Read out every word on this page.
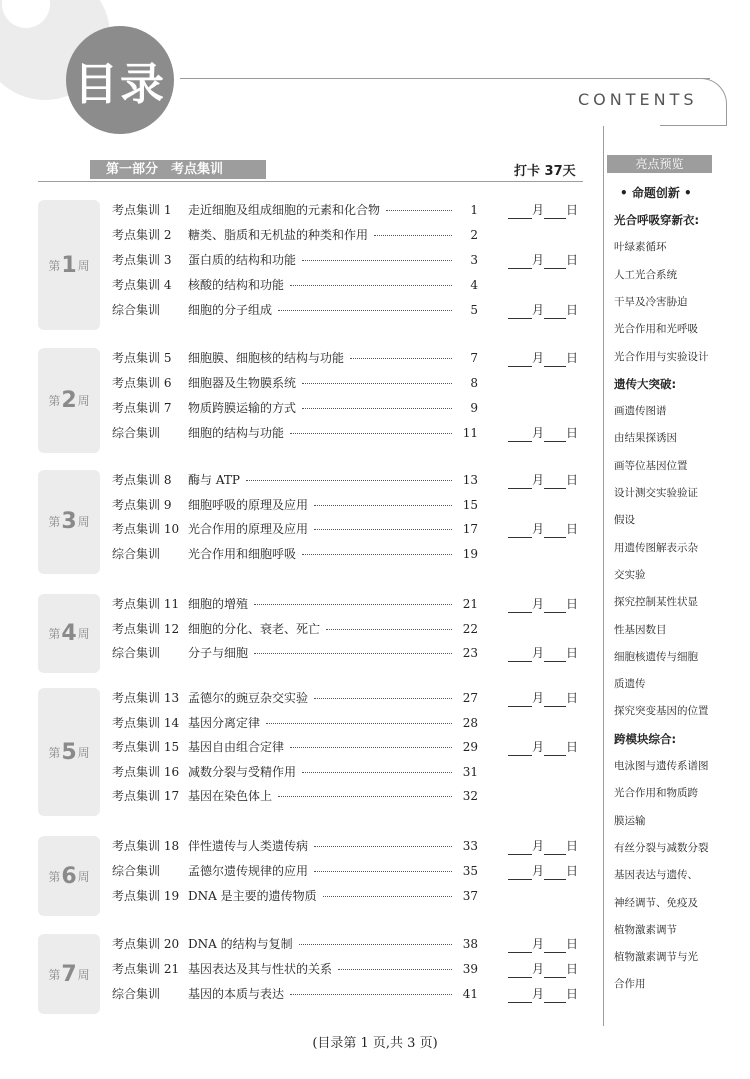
目录	CONTENTS
第一部分　考点集训	打卡 37天
第 1 周
考点集训 1 走近细胞及组成细胞的元素和化合物	1	月 日
考点集训 2 糖类、脂质和无机盐的种类和作用	2
考点集训 3 蛋白质的结构和功能	3	月 日
考点集训 4 核酸的结构和功能	4
综合集训 细胞的分子组成	5	月 日
第 2 周
考点集训 5 细胞膜、细胞核的结构与功能	7	月 日
考点集训 6 细胞器及生物膜系统	8
考点集训 7 物质跨膜运输的方式	9
综合集训 细胞的结构与功能	11	月 日
第 3 周
考点集训 8 酶与 ATP	13	月 日
考点集训 9 细胞呼吸的原理及应用	15
考点集训 10 光合作用的原理及应用	17	月 日
综合集训 光合作用和细胞呼吸	19
第 4 周
考点集训 11 细胞的增殖	21	月 日
考点集训 12 细胞的分化、衰老、死亡	22
综合集训 分子与细胞	23	月 日
第 5 周
考点集训 13 孟德尔的豌豆杂交实验	27	月 日
考点集训 14 基因分离定律	28
考点集训 15 基因自由组合定律	29	月 日
考点集训 16 减数分裂与受精作用	31
考点集训 17 基因在染色体上	32
第 6 周
考点集训 18 伴性遗传与人类遗传病	33	月 日
综合集训 孟德尔遗传规律的应用	35	月 日
考点集训 19 DNA 是主要的遗传物质	37
第 7 周
考点集训 20 DNA 的结构与复制	38	月 日
考点集训 21 基因表达及其与性状的关系	39	月 日
综合集训 基因的本质与表达	41	月 日
亮点预览
• 命题创新 •
光合呼吸穿新衣:
叶绿素循环
人工光合系统
干旱及冷害胁迫
光合作用和光呼吸
光合作用与实验设计
遗传大突破:
画遗传图谱
由结果探诱因
画等位基因位置
设计测交实验验证
假设
用遗传图解表示杂
交实验
探究控制某性状显
性基因数目
细胞核遗传与细胞
质遗传
探究突变基因的位置
跨模块综合:
电泳图与遗传系谱图
光合作用和物质跨
膜运输
有丝分裂与减数分裂
基因表达与遗传、
神经调节、免疫及
植物激素调节
植物激素调节与光
合作用
(目录第 1 页,共 3 页)
